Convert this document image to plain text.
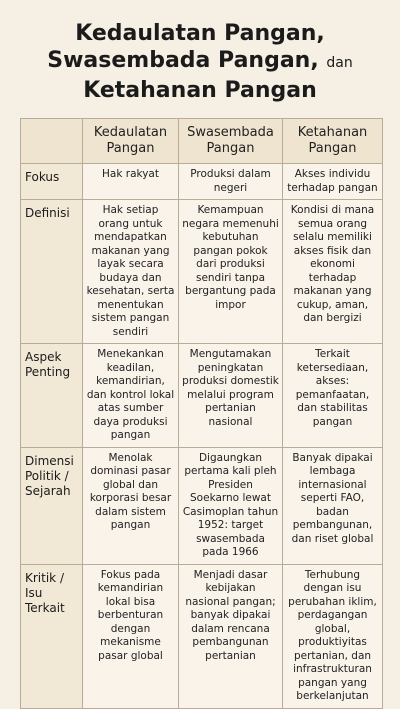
Kedaulatan Pangan,
Swasembada Pangan, dan
Ketahanan Pangan
	Kedaulatan Pangan	Swasembada Pangan	Ketahanan Pangan
Fokus	Hak rakyat	Produksi dalam negeri	Akses individu terhadap pangan
Definisi	Hak setiap orang untuk mendapatkan makanan yang layak secara budaya dan kesehatan, serta menentukan sistem pangan sendiri	Kemampuan negara memenuhi kebutuhan pangan pokok dari produksi sendiri tanpa bergantung pada impor	Kondisi di mana semua orang selalu memiliki akses fisik dan ekonomi terhadap makanan yang cukup, aman, dan bergizi
Aspek Penting	Menekankan keadilan, kemandirian, dan kontrol lokal atas sumber daya produksi pangan	Mengutamakan peningkatan produksi domestik melalui program pertanian nasional	Terkait ketersediaan, akses: pemanfaatan, dan stabilitas pangan
Dimensi Politik / Sejarah	Menolak dominasi pasar global dan korporasi besar dalam sistem pangan	Digaungkan pertama kali pleh Presiden Soekarno lewat Casimoplan tahun 1952: target swasembada pada 1966	Banyak dipakai lembaga internasional seperti FAO, badan pembangunan, dan riset global
Kritik / Isu Terkait	Fokus pada kemandirian lokal bisa berbenturan dengan mekanisme pasar global	Menjadi dasar kebijakan nasional pangan; banyak dipakai dalam rencana pembangunan pertanian	Terhubung dengan isu perubahan iklim, perdagangan global, produktiyitas pertanian, dan infrastrukturan pangan yang berkelanjutan
